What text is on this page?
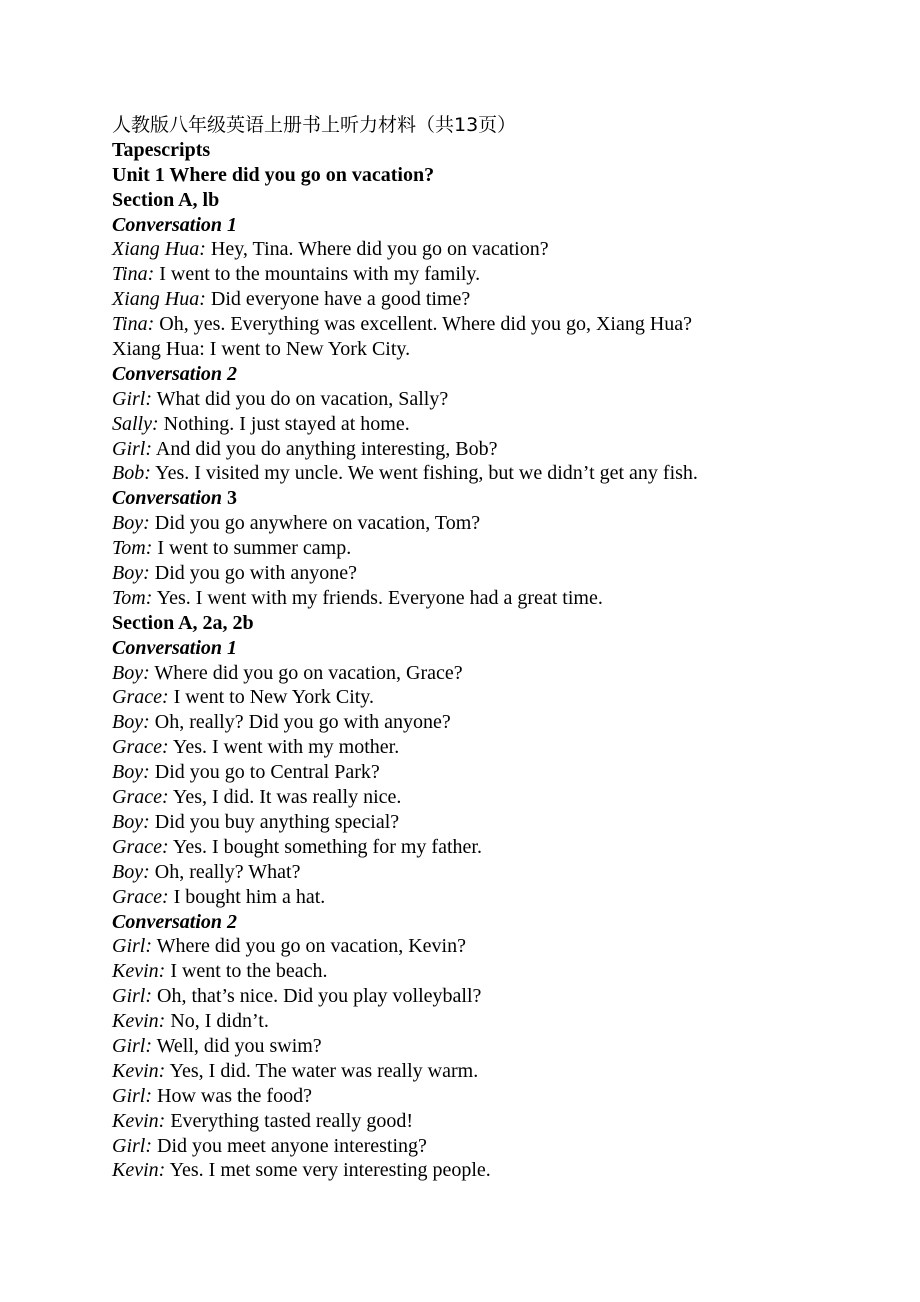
人教版八年级英语上册书上听力材料（共13页）
Tapescripts
Unit 1 Where did you go on vacation?
Section A, lb
Conversation 1
Xiang Hua: Hey, Tina. Where did you go on vacation?
Tina: I went to the mountains with my family.
Xiang Hua: Did everyone have a good time?
Tina: Oh, yes. Everything was excellent. Where did you go, Xiang Hua?
Xiang Hua: I went to New York City.
Conversation 2
Girl: What did you do on vacation, Sally?
Sally: Nothing. I just stayed at home.
Girl: And did you do anything interesting, Bob?
Bob: Yes. I visited my uncle. We went fishing, but we didn’t get any fish.
Conversation 3
Boy: Did you go anywhere on vacation, Tom?
Tom: I went to summer camp.
Boy: Did you go with anyone?
Tom: Yes. I went with my friends. Everyone had a great time.
Section A, 2a, 2b
Conversation 1
Boy: Where did you go on vacation, Grace?
Grace: I went to New York City.
Boy: Oh, really? Did you go with anyone?
Grace: Yes. I went with my mother.
Boy: Did you go to Central Park?
Grace: Yes, I did. It was really nice.
Boy: Did you buy anything special?
Grace: Yes. I bought something for my father.
Boy: Oh, really? What?
Grace: I bought him a hat.
Conversation 2
Girl: Where did you go on vacation, Kevin?
Kevin: I went to the beach.
Girl: Oh, that’s nice. Did you play volleyball?
Kevin: No, I didn’t.
Girl: Well, did you swim?
Kevin: Yes, I did. The water was really warm.
Girl: How was the food?
Kevin: Everything tasted really good!
Girl: Did you meet anyone interesting?
Kevin: Yes. I met some very interesting people.
